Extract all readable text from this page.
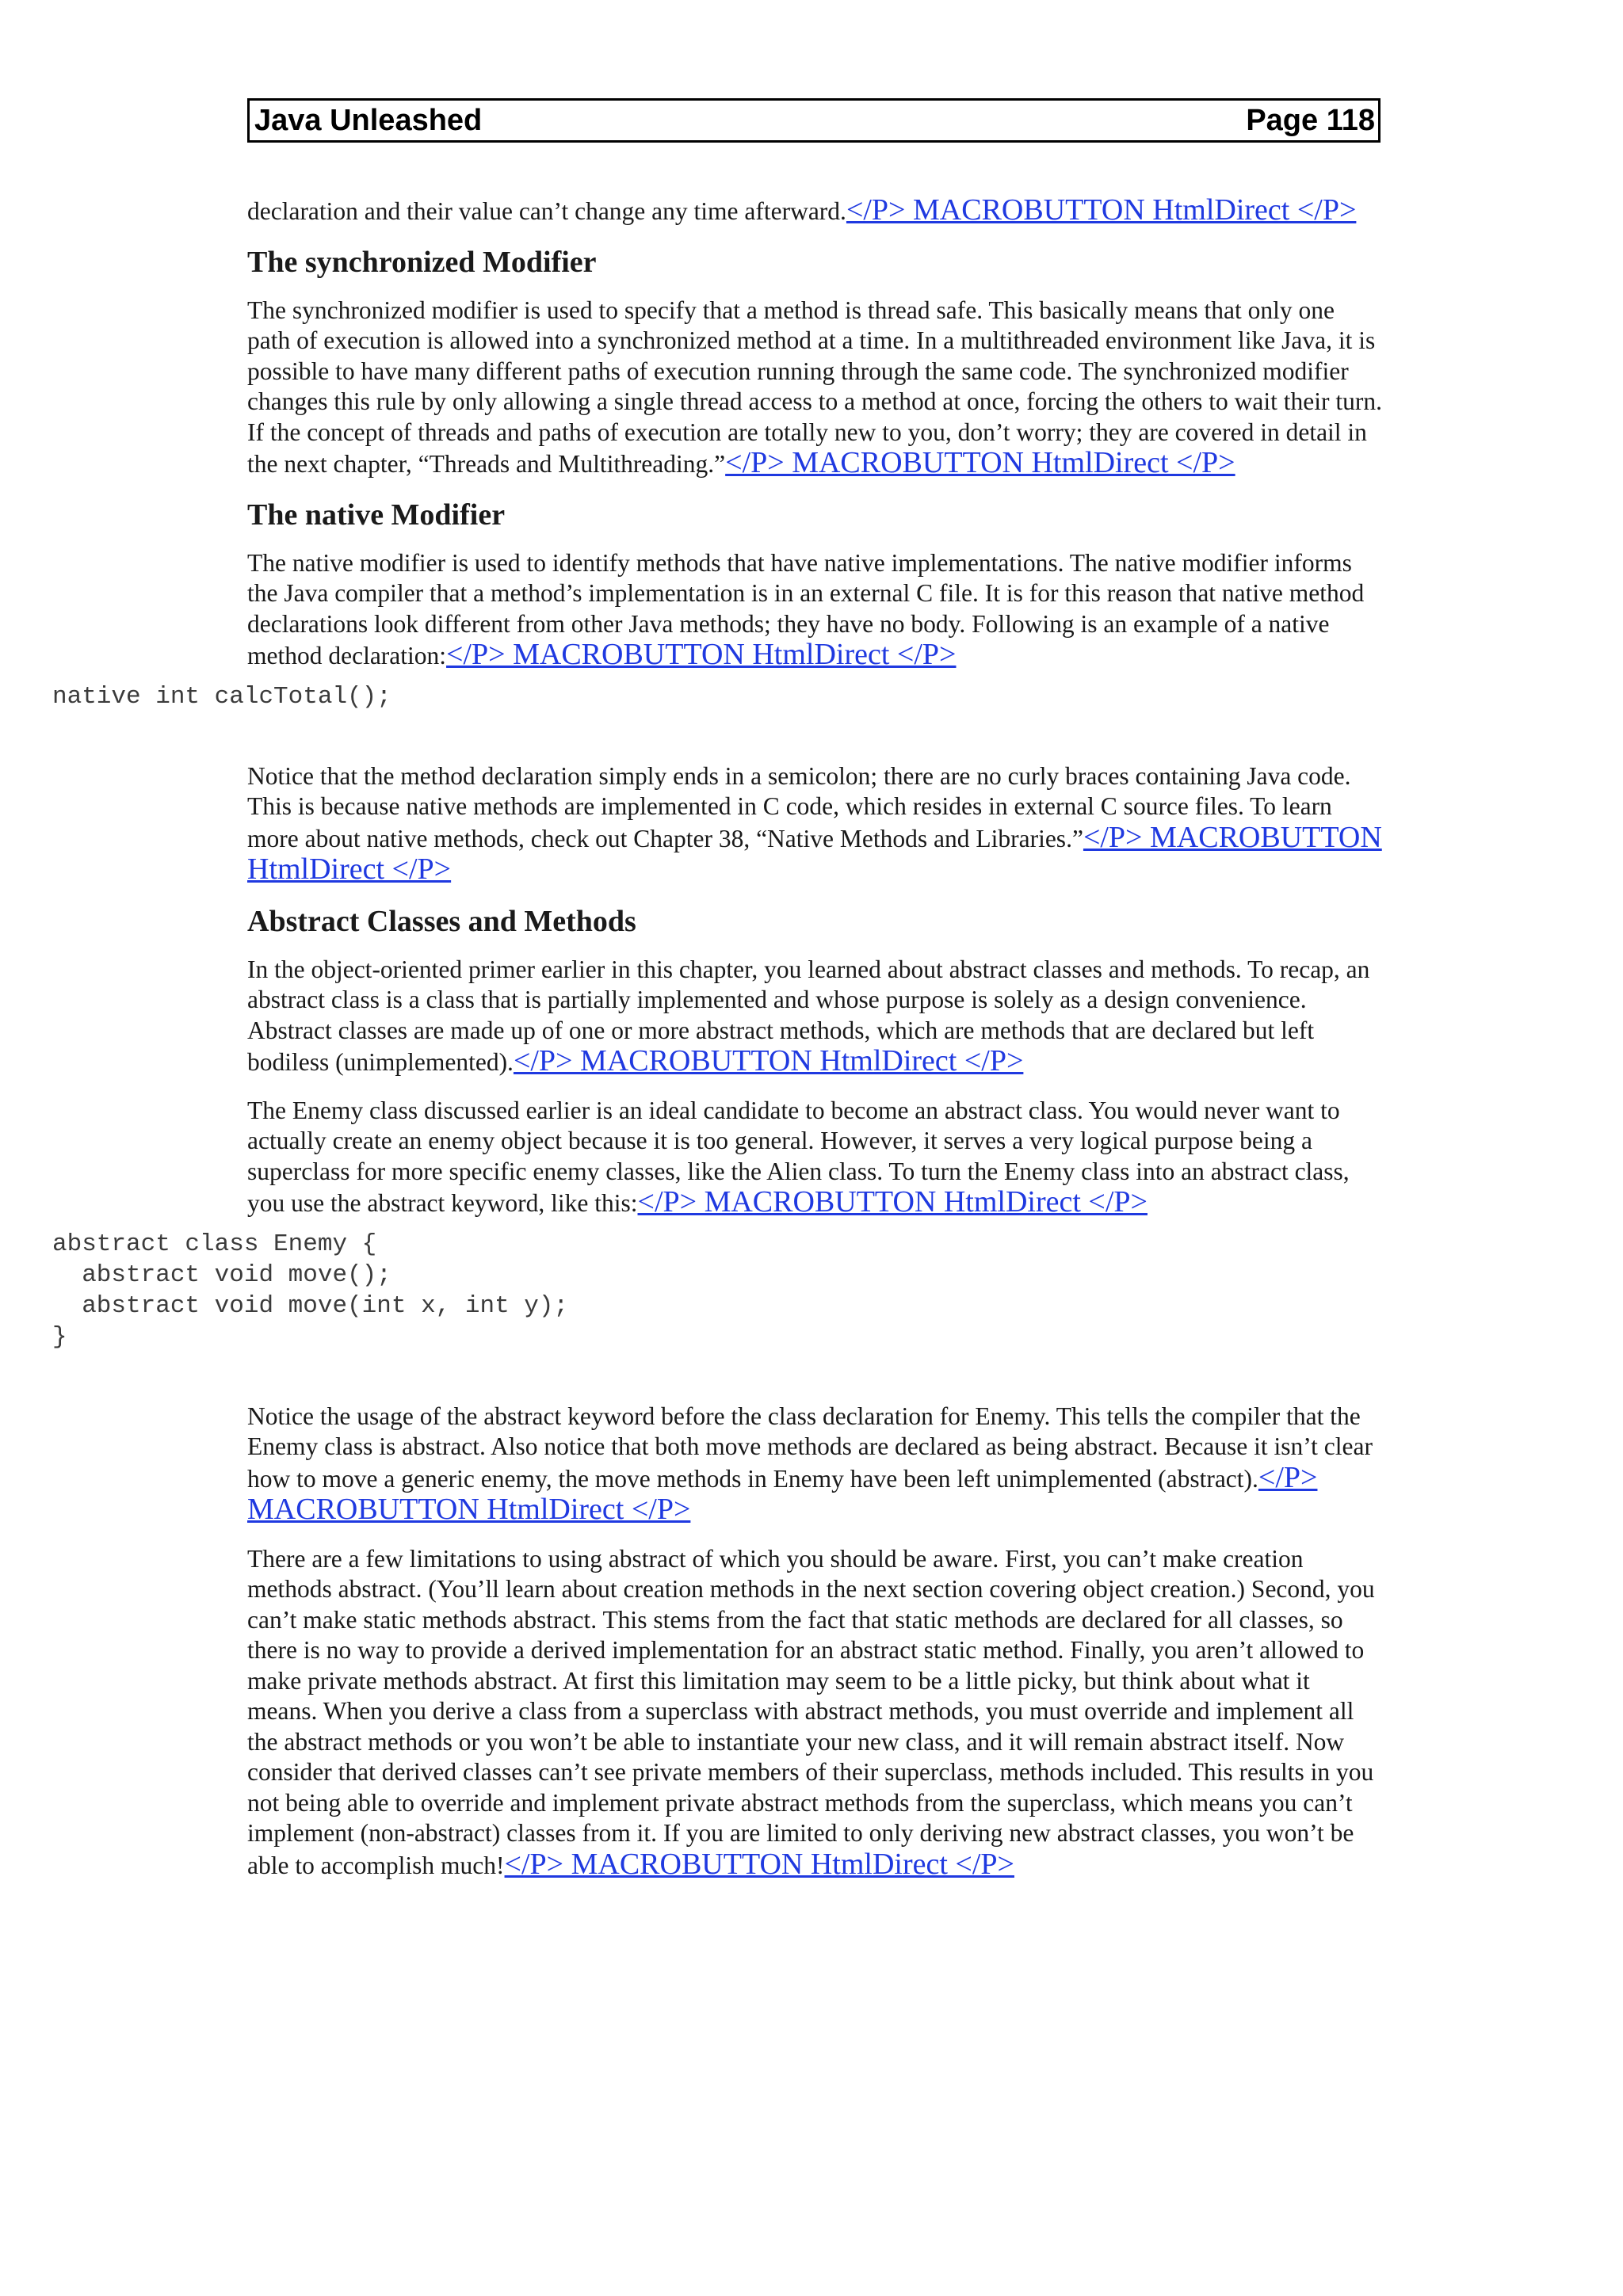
Java Unleashed	Page 118

declaration and their value can’t change any time afterward.</P> MACROBUTTON HtmlDirect </P>

The synchronized Modifier

The synchronized modifier is used to specify that a method is thread safe. This basically means that only one path of execution is allowed into a synchronized method at a time. In a multithreaded environment like Java, it is possible to have many different paths of execution running through the same code. The synchronized modifier changes this rule by only allowing a single thread access to a method at once, forcing the others to wait their turn. If the concept of threads and paths of execution are totally new to you, don’t worry; they are covered in detail in the next chapter, “Threads and Multithreading.”</P> MACROBUTTON HtmlDirect </P>

The native Modifier

The native modifier is used to identify methods that have native implementations. The native modifier informs the Java compiler that a method’s implementation is in an external C file. It is for this reason that native method declarations look different from other Java methods; they have no body. Following is an example of a native method declaration:</P> MACROBUTTON HtmlDirect </P>

native int calcTotal();

Notice that the method declaration simply ends in a semicolon; there are no curly braces containing Java code. This is because native methods are implemented in C code, which resides in external C source files. To learn more about native methods, check out Chapter 38, “Native Methods and Libraries.”</P> MACROBUTTON HtmlDirect </P>

Abstract Classes and Methods

In the object-oriented primer earlier in this chapter, you learned about abstract classes and methods. To recap, an abstract class is a class that is partially implemented and whose purpose is solely as a design convenience. Abstract classes are made up of one or more abstract methods, which are methods that are declared but left bodiless (unimplemented).</P> MACROBUTTON HtmlDirect </P>

The Enemy class discussed earlier is an ideal candidate to become an abstract class. You would never want to actually create an enemy object because it is too general. However, it serves a very logical purpose being a superclass for more specific enemy classes, like the Alien class. To turn the Enemy class into an abstract class, you use the abstract keyword, like this:</P> MACROBUTTON HtmlDirect </P>

abstract class Enemy {
abstract void move();
abstract void move(int x, int y);
}

Notice the usage of the abstract keyword before the class declaration for Enemy. This tells the compiler that the Enemy class is abstract. Also notice that both move methods are declared as being abstract. Because it isn’t clear how to move a generic enemy, the move methods in Enemy have been left unimplemented (abstract).</P> MACROBUTTON HtmlDirect </P>

There are a few limitations to using abstract of which you should be aware. First, you can’t make creation methods abstract. (You’ll learn about creation methods in the next section covering object creation.) Second, you can’t make static methods abstract. This stems from the fact that static methods are declared for all classes, so there is no way to provide a derived implementation for an abstract static method. Finally, you aren’t allowed to make private methods abstract. At first this limitation may seem to be a little picky, but think about what it means. When you derive a class from a superclass with abstract methods, you must override and implement all the abstract methods or you won’t be able to instantiate your new class, and it will remain abstract itself. Now consider that derived classes can’t see private members of their superclass, methods included. This results in you not being able to override and implement private abstract methods from the superclass, which means you can’t implement (non-abstract) classes from it. If you are limited to only deriving new abstract classes, you won’t be able to accomplish much!</P> MACROBUTTON HtmlDirect </P>
